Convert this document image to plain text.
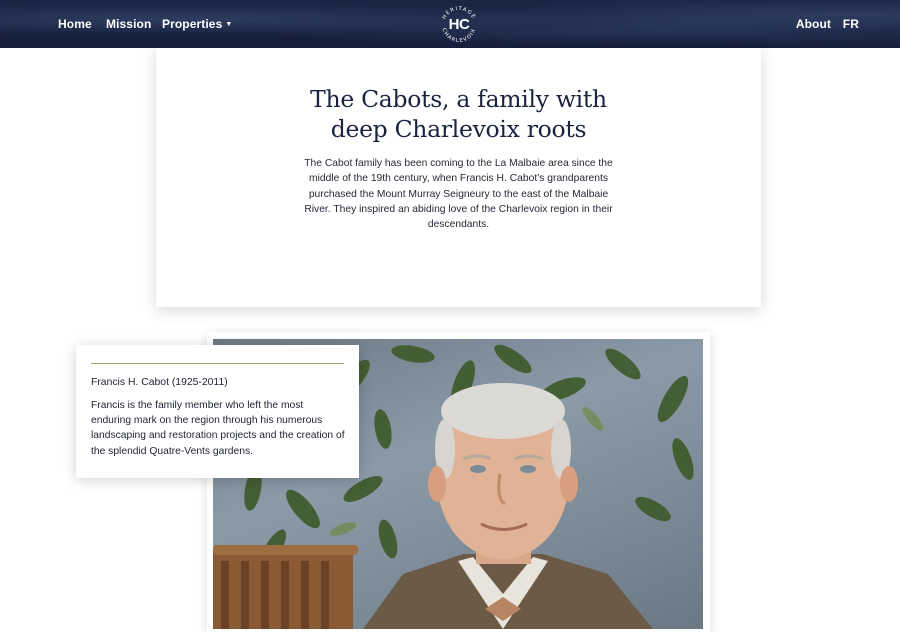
Home Mission Properties ▼
HERITAGE
CHARLEVOIX
HC	About FR
The Cabots, a family with
deep Charlevoix roots

The Cabot family has been coming to the La Malbaie area since the middle of the 19th century, when Francis H. Cabot’s grandparents purchased the Mount Murray Seigneury to the east of the Malbaie River. They inspired an abiding love of the Charlevoix region in their descendants.

Francis H. Cabot (1925-2011)

Francis is the family member who left the most enduring mark on the region through his numerous landscaping and restoration projects and the creation of the splendid Quatre-Vents gardens.
